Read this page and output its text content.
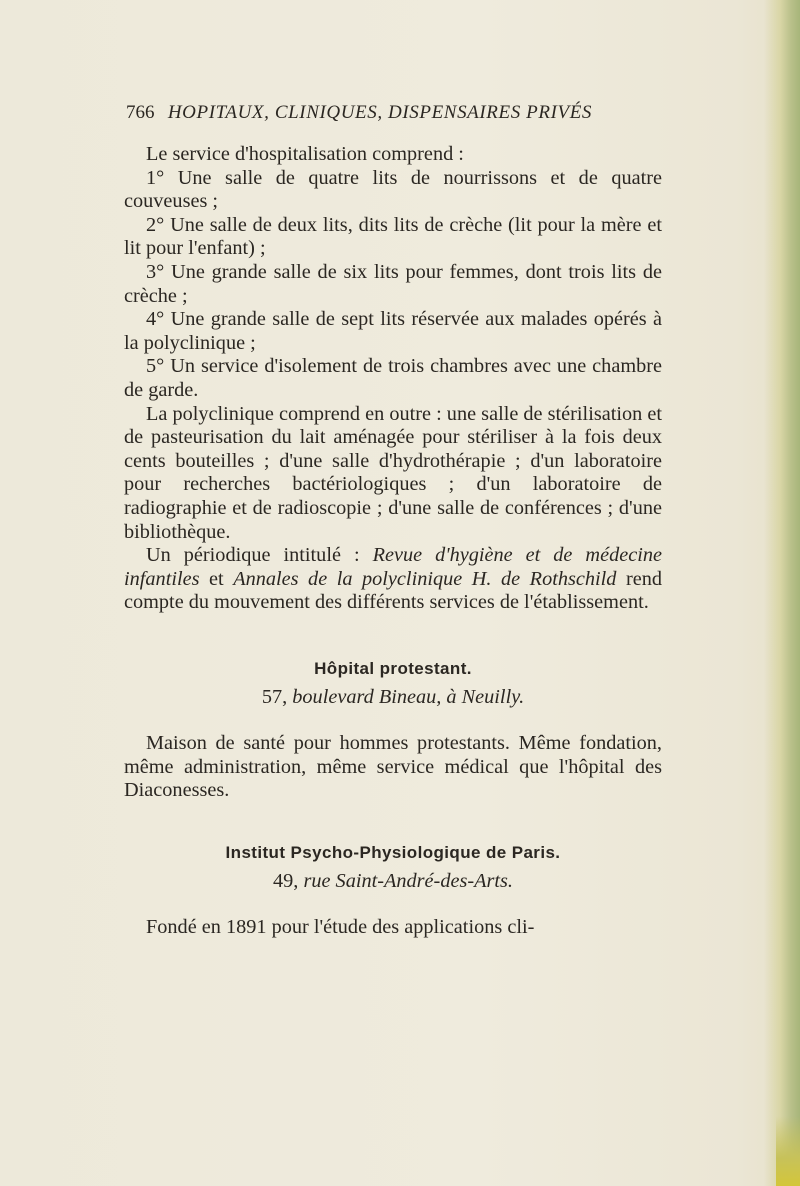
766 HOPITAUX, CLINIQUES, DISPENSAIRES PRIVÉS

Le service d'hospitalisation comprend :

1° Une salle de quatre lits de nourrissons et de quatre couveuses ;

2° Une salle de deux lits, dits lits de crèche (lit pour la mère et lit pour l'enfant) ;

3° Une grande salle de six lits pour femmes, dont trois lits de crèche ;

4° Une grande salle de sept lits réservée aux malades opérés à la polyclinique ;

5° Un service d'isolement de trois chambres avec une chambre de garde.

La polyclinique comprend en outre : une salle de stérilisation et de pasteurisation du lait aménagée pour stériliser à la fois deux cents bouteilles ; d'une salle d'hydrothérapie ; d'un laboratoire pour recherches bactériologiques ; d'un laboratoire de radiographie et de radioscopie ; d'une salle de conférences ; d'une bibliothèque.

Un périodique intitulé : Revue d'hygiène et de médecine infantiles et Annales de la polyclinique H. de Rothschild rend compte du mouvement des différents services de l'établissement.

Hôpital protestant.
57, boulevard Bineau, à Neuilly.

Maison de santé pour hommes protestants. Même fondation, même administration, même service médical que l'hôpital des Diaconesses.

Institut Psycho-Physiologique de Paris.
49, rue Saint-André-des-Arts.

Fondé en 1891 pour l'étude des applications cli-
